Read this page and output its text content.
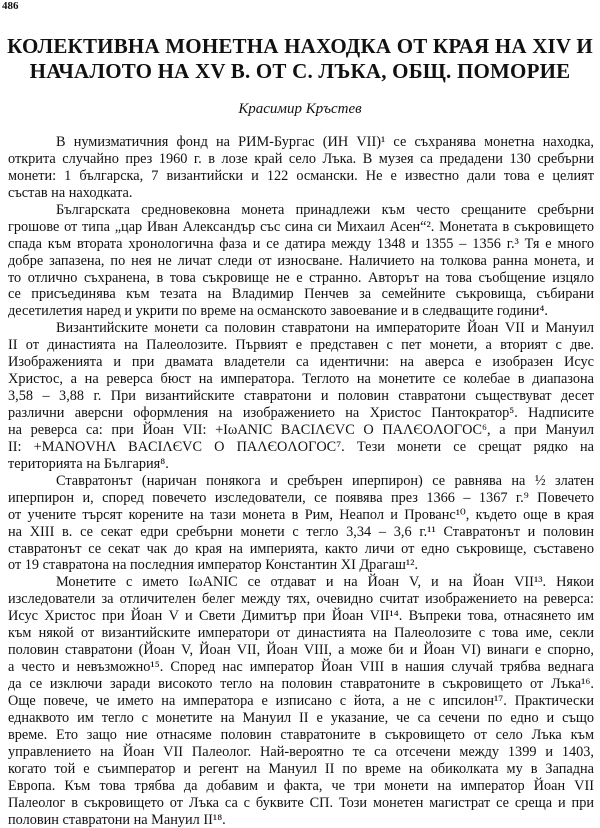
486
КОЛЕКТИВНА МОНЕТНА НАХОДКА ОТ КРАЯ НА XIV И
НАЧАЛОТО НА XV В. ОТ С. ЛЪКА, ОБЩ. ПОМОРИЕ
Красимир Кръстев
В нумизматичния фонд на РИМ-Бургас (ИН VII)¹ се съхранява монетна находка,
открита случайно през 1960 г. в лозе край село Лъка. В музея са предадени 130 сребърни
монети: 1 българска, 7 византийски и 122 османски. Не е известно дали това е целият
състав на находката.
Българската средновековна монета принадлежи към често срещаните сребърни
грошове от типа „цар Иван Александър със сина си Михаил Асен“². Монетата в съкровището
спада към втората хронологична фаза и се датира между 1348 и 1355 – 1356 г.³ Тя е много
добре запазена, по нея не личат следи от износване. Наличието на толкова ранна монета, и
то отлично съхранена, в това съкровище не е странно. Авторът на това съобщение изцяло
се присъединява към тезата на Владимир Пенчев за семейните съкровища, събирани
десетилетия наред и укрити по време на османското завоевание и в следващите години⁴.
Византийските монети са половин ставратони на императорите Йоан VII и Мануил
II от династията на Палеолозите. Първият е представен с пет монети, а вторият с две.
Изображенията и при двамата владетели са идентични: на аверса е изобразен Исус
Христос, а на реверса бюст на императора. Теглото на монетите се колебае в диапазона
3,58 – 3,88 г. При византийските ставратони и половин ставратони съществуват десет
различни аверсни оформления на изображението на Христос Пантократор⁵. Надписите
на реверса са: при Йоан VII: +IωANIC BACIΛЄVC O ΠAΛЄOΛOΓOC⁶, а при Мануил
II: +MANOVHΛ BACIΛЄVC O ΠAΛЄOΛOΓOC⁷. Тези монети се срещат рядко на
територията на България⁸.
Ставратонът (наричан понякога и сребърен иперпирон) се равнява на ½ златен
иперпирон и, според повечето изследователи, се появява през 1366 – 1367 г.⁹ Повечето
от учените търсят корените на тази монета в Рим, Неапол и Прованс¹⁰, където още в края
на XIII в. се секат едри сребърни монети с тегло 3,34 – 3,6 г.¹¹ Ставратонът и половин
ставратонът се секат чак до края на империята, както личи от едно съкровище, съставено
от 19 ставратона на последния император Константин XI Драгаш¹².
Монетите с името IωANIC се отдават и на Йоан V, и на Йоан VII¹³. Някои
изследователи за отличителен белег между тях, очевидно считат изображението на реверса:
Исус Христос при Йоан V и Свети Димитър при Йоан VII¹⁴. Въпреки това, отнасянето им
към някой от византийските императори от династията на Палеолозите с това име, секли
половин ставратони (Йоан V, Йоан VII, Йоан VIII, а може би и Йоан VI) винаги е спорно,
а често и невъзможно¹⁵. Според нас император Йоан VIII в нашия случай трябва веднага
да се изключи заради високото тегло на половин ставратоните в съкровището от Лъка¹⁶.
Още повече, че името на императора е изписано с йота, а не с ипсилон¹⁷. Практически
еднаквото им тегло с монетите на Мануил II е указание, че са сечени по едно и също
време. Ето защо ние отнасяме половин ставратоните в съкровището от село Лъка към
управлението на Йоан VII Палеолог. Най-вероятно те са отсечени между 1399 и 1403,
когато той е съимператор и регент на Мануил II по време на обиколката му в Западна
Европа. Към това трябва да добавим и факта, че три монети на император Йоан VII
Палеолог в съкровището от Лъка са с буквите СП. Този монетен магистрат се среща и при
половин ставратони на Мануил II¹⁸.
